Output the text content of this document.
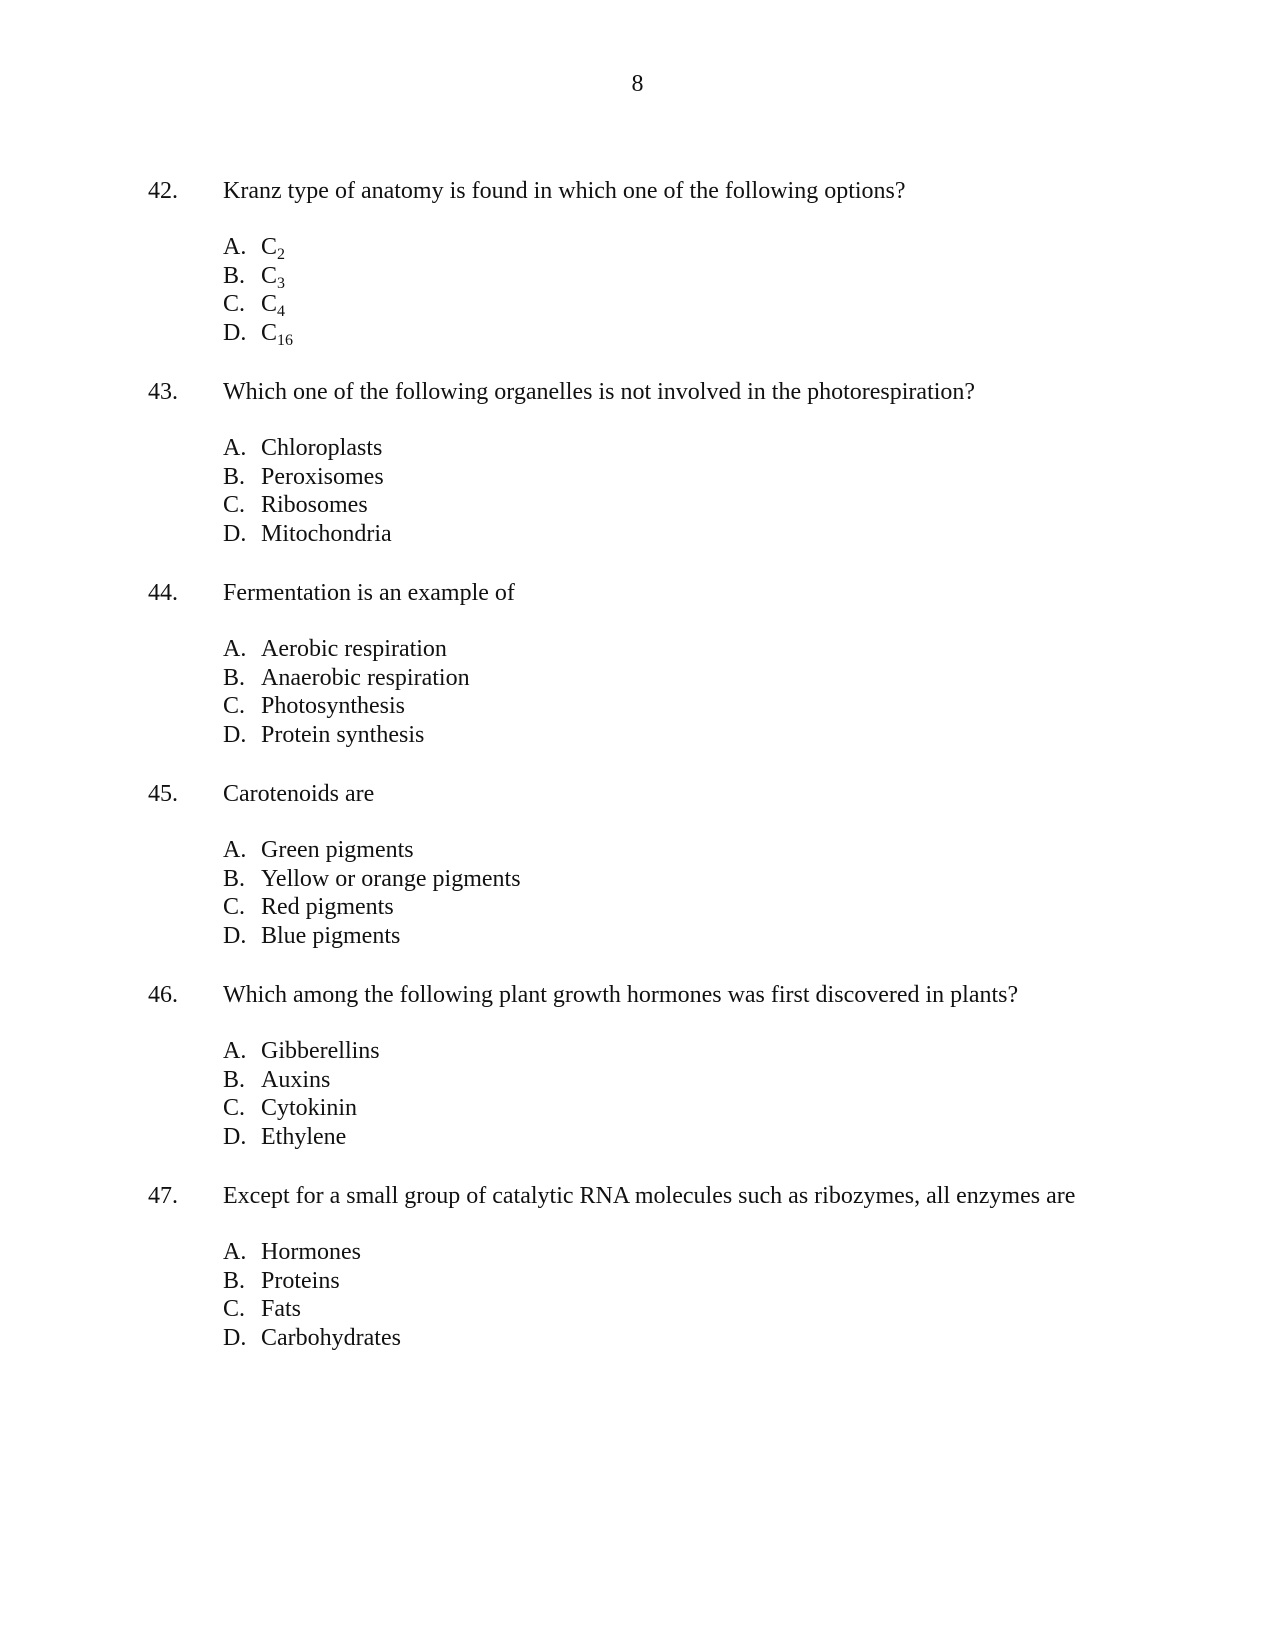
8
42. Kranz type of anatomy is found in which one of the following options?
A. $C_2$
B. $C_3$
C. $C_4$
D. $C_{16}$
43. Which one of the following organelles is not involved in the photorespiration?
A. Chloroplasts
B. Peroxisomes
C. Ribosomes
D. Mitochondria
44. Fermentation is an example of
A. Aerobic respiration
B. Anaerobic respiration
C. Photosynthesis
D. Protein synthesis
45. Carotenoids are
A. Green pigments
B. Yellow or orange pigments
C. Red pigments
D. Blue pigments
46. Which among the following plant growth hormones was first discovered in plants?
A. Gibberellins
B. Auxins
C. Cytokinin
D. Ethylene
47. Except for a small group of catalytic RNA molecules such as ribozymes, all enzymes are
A. Hormones
B. Proteins
C. Fats
D. Carbohydrates
